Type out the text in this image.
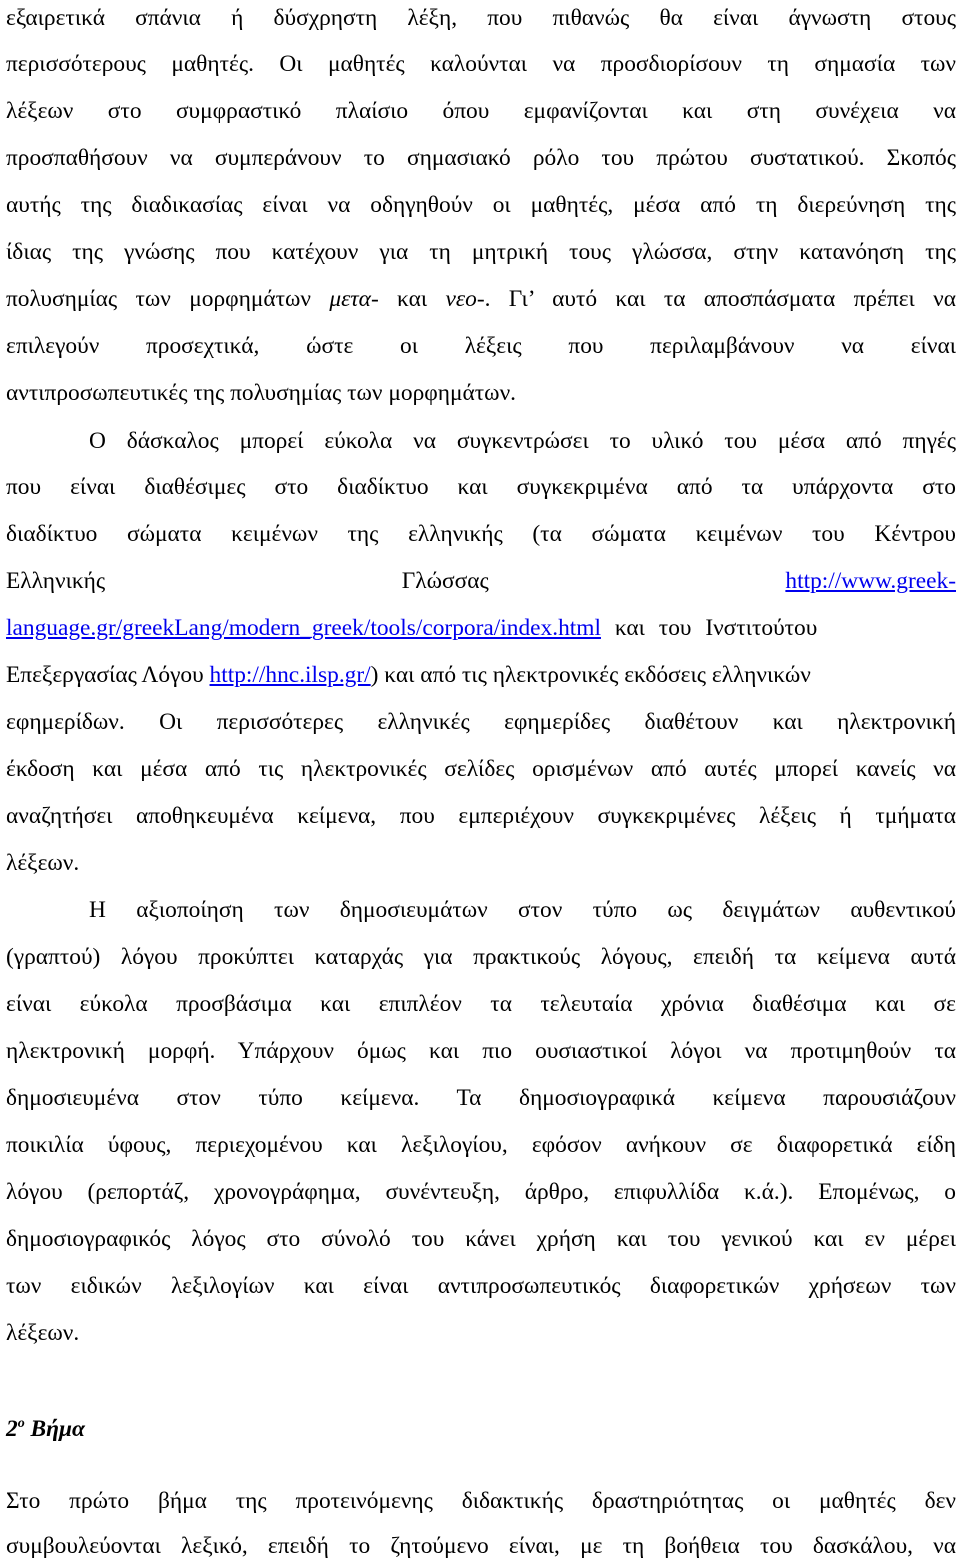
εξαιρετικά σπάνια ή δύσχρηστη λέξη, που πιθανώς θα είναι άγνωστη στους
περισσότερους μαθητές. Οι μαθητές καλούνται να προσδιορίσουν τη σημασία των
λέξεων στο συμφραστικό πλαίσιο όπου εμφανίζονται και στη συνέχεια να
προσπαθήσουν να συμπεράνουν το σημασιακό ρόλο του πρώτου συστατικού. Σκοπός
αυτής της διαδικασίας είναι να οδηγηθούν οι μαθητές, μέσα από τη διερεύνηση της
ίδιας της γνώσης που κατέχουν για τη μητρική τους γλώσσα, στην κατανόηση της
πολυσημίας των μορφημάτων μετα- και νεο-. Γι’ αυτό και τα αποσπάσματα πρέπει να
επιλεγούν προσεχτικά, ώστε οι λέξεις που περιλαμβάνουν να είναι
αντιπροσωπευτικές της πολυσημίας των μορφημάτων.
Ο δάσκαλος μπορεί εύκολα να συγκεντρώσει το υλικό του μέσα από πηγές
που είναι διαθέσιμες στο διαδίκτυο και συγκεκριμένα από τα υπάρχοντα στο
διαδίκτυο σώματα κειμένων της ελληνικής (τα σώματα κειμένων του Κέντρου
Ελληνικής	Γλώσσας	http://www.greek-
language.gr/greekLang/modern_greek/tools/corpora/index.html και του Ινστιτούτου
Επεξεργασίας Λόγου http://hnc.ilsp.gr/) και από τις ηλεκτρονικές εκδόσεις ελληνικών
εφημερίδων. Οι περισσότερες ελληνικές εφημερίδες διαθέτουν και ηλεκτρονική
έκδοση και μέσα από τις ηλεκτρονικές σελίδες ορισμένων από αυτές μπορεί κανείς να
αναζητήσει αποθηκευμένα κείμενα, που εμπεριέχουν συγκεκριμένες λέξεις ή τμήματα
λέξεων.
Η αξιοποίηση των δημοσιευμάτων στον τύπο ως δειγμάτων αυθεντικού
(γραπτού) λόγου προκύπτει καταρχάς για πρακτικούς λόγους, επειδή τα κείμενα αυτά
είναι εύκολα προσβάσιμα και επιπλέον τα τελευταία χρόνια διαθέσιμα και σε
ηλεκτρονική μορφή. Υπάρχουν όμως και πιο ουσιαστικοί λόγοι να προτιμηθούν τα
δημοσιευμένα στον τύπο κείμενα. Τα δημοσιογραφικά κείμενα παρουσιάζουν
ποικιλία ύφους, περιεχομένου και λεξιλογίου, εφόσον ανήκουν σε διαφορετικά είδη
λόγου (ρεπορτάζ, χρονογράφημα, συνέντευξη, άρθρο, επιφυλλίδα κ.ά.). Επομένως, ο
δημοσιογραφικός λόγος στο σύνολό του κάνει χρήση και του γενικού και εν μέρει
των ειδικών λεξιλογίων και είναι αντιπροσωπευτικός διαφορετικών χρήσεων των
λέξεων.
$2^o$ Βήμα
Στο πρώτο βήμα της προτεινόμενης διδακτικής δραστηριότητας οι μαθητές δεν
συμβουλεύονται λεξικό, επειδή το ζητούμενο είναι, με τη βοήθεια του δασκάλου, να
